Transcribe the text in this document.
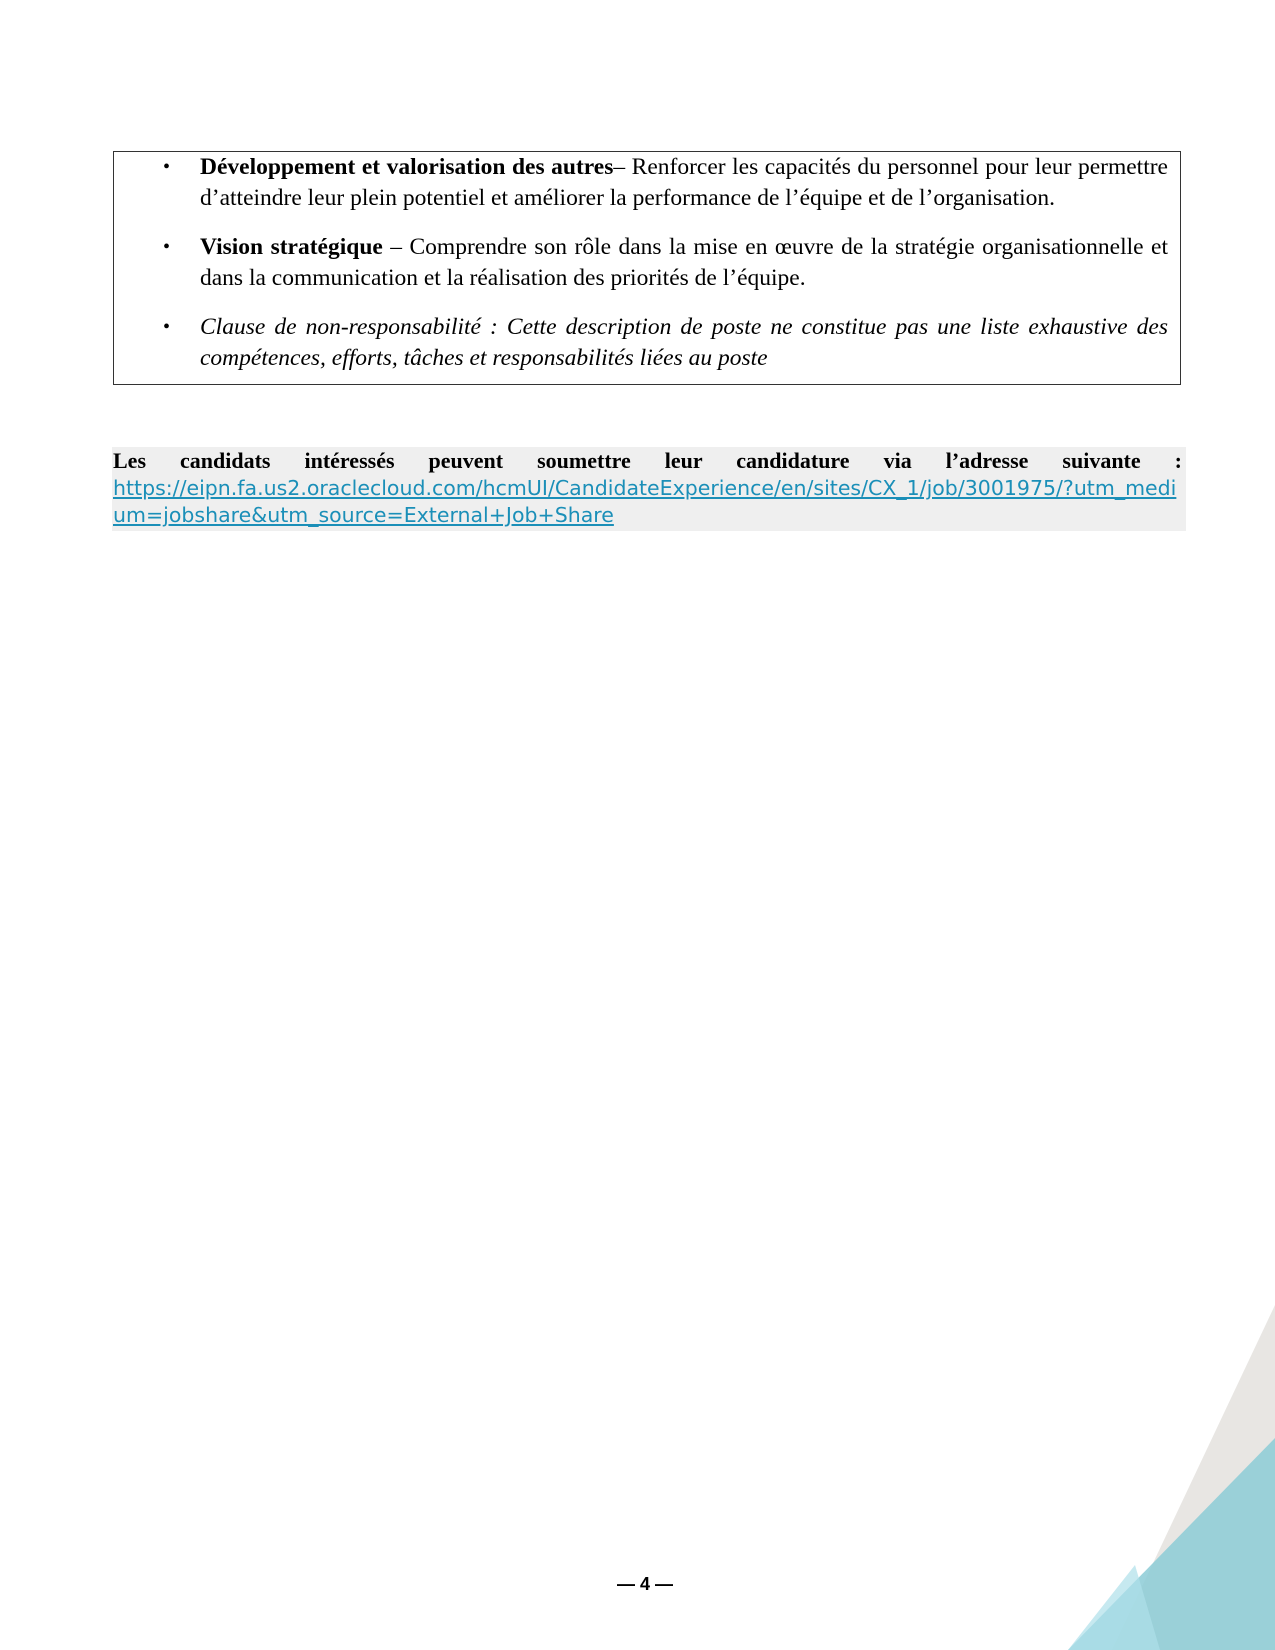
• Développement et valorisation des autres– Renforcer les capacités du personnel pour leur permettre d’atteindre leur plein potentiel et améliorer la performance de l’équipe et de l’organisation.
• Vision stratégique – Comprendre son rôle dans la mise en œuvre de la stratégie organisationnelle et dans la communication et la réalisation des priorités de l’équipe.
• Clause de non-responsabilité : Cette description de poste ne constitue pas une liste exhaustive des compétences, efforts, tâches et responsabilités liées au poste

Les candidats intéressés peuvent soumettre leur candidature via l’adresse suivante :

https://eipn.fa.us2.oraclecloud.com/hcmUI/CandidateExperience/en/sites/CX_1/job/3001975/?utm_medium=jobshare&utm_source=External+Job+Share
— 4 —
